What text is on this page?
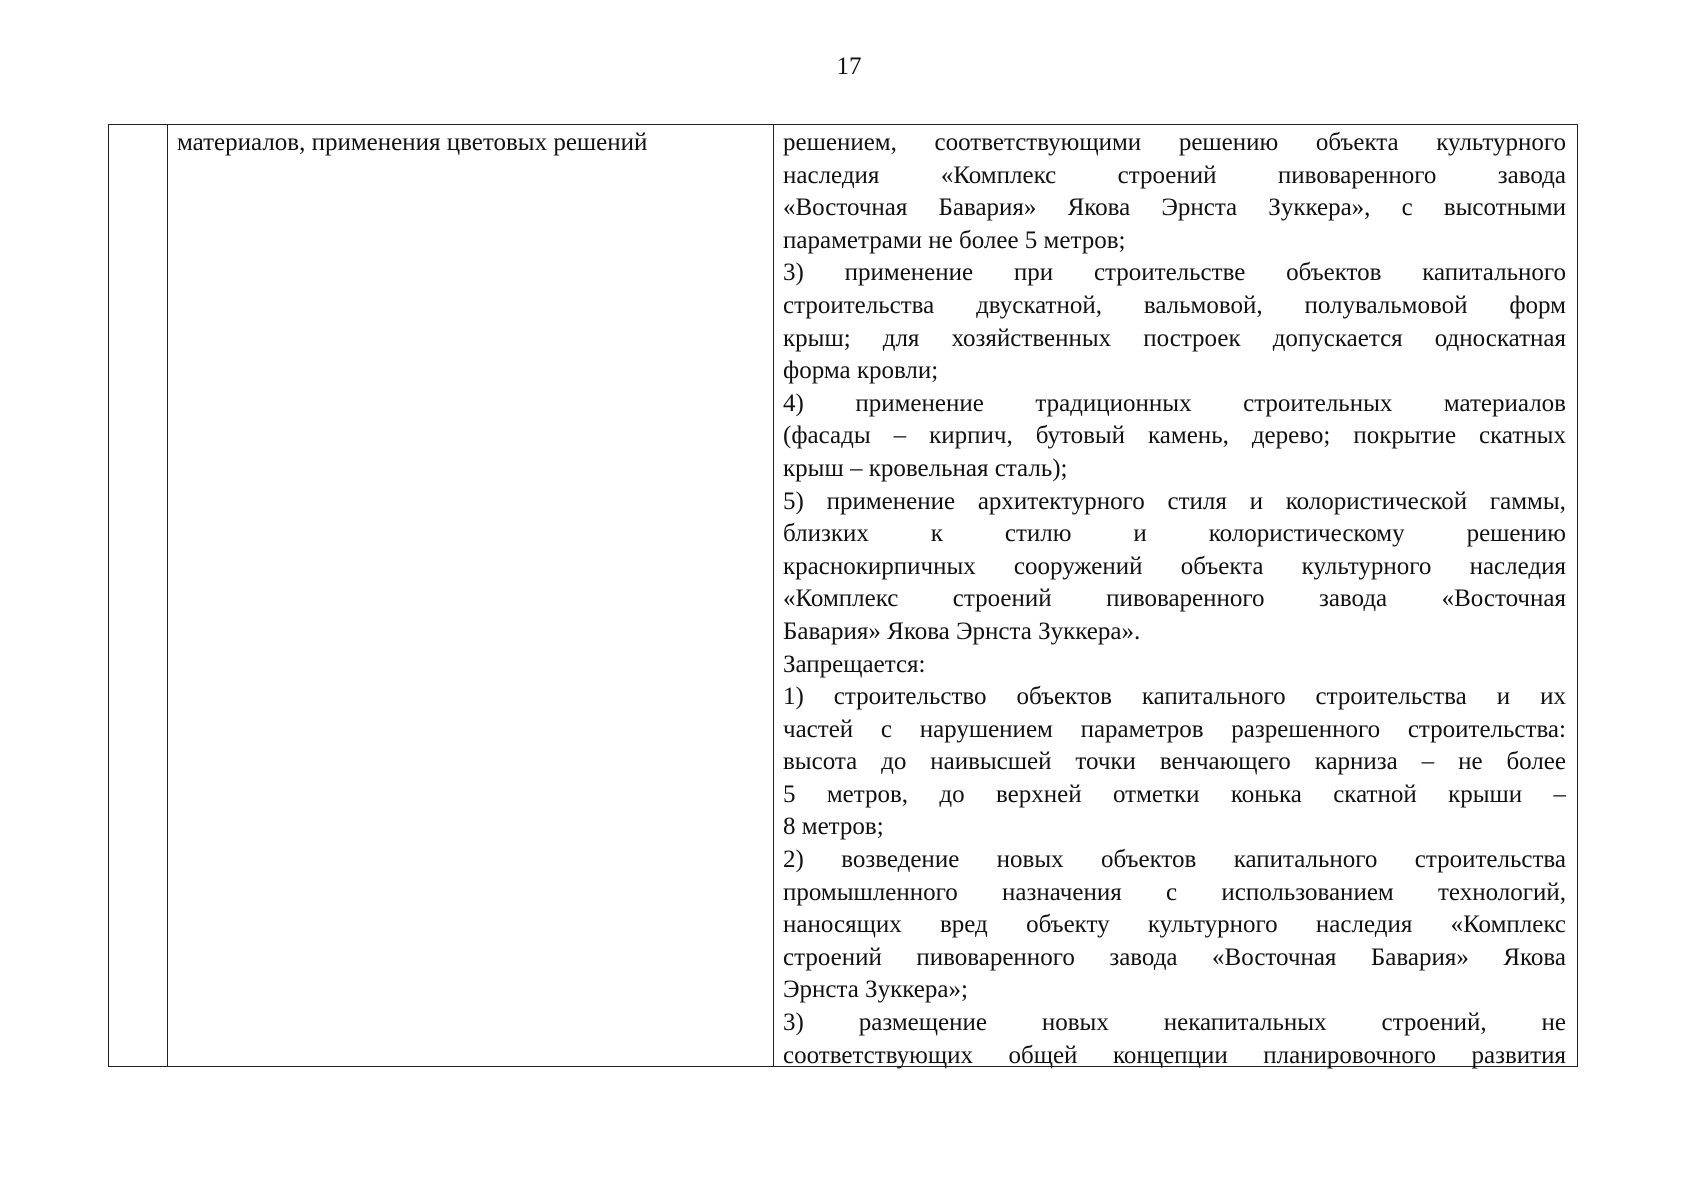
17
материалов, применения цветовых решений	решением, соответствующими решению объекта культурного
наследия «Комплекс строений пивоваренного завода
«Восточная Бавария» Якова Эрнста Зуккера», с высотными
параметрами не более 5 метров;
3) применение при строительстве объектов капитального
строительства двускатной, вальмовой, полувальмовой форм
крыш; для хозяйственных построек допускается односкатная
форма кровли;
4) применение традиционных строительных материалов
(фасады – кирпич, бутовый камень, дерево; покрытие скатных
крыш – кровельная сталь);
5) применение архитектурного стиля и колористической гаммы,
близких к стилю и колористическому решению
краснокирпичных сооружений объекта культурного наследия
«Комплекс строений пивоваренного завода «Восточная
Бавария» Якова Эрнста Зуккера».
Запрещается:
1) строительство объектов капитального строительства и их
частей с нарушением параметров разрешенного строительства:
высота до наивысшей точки венчающего карниза – не более
5 метров, до верхней отметки конька скатной крыши –
8 метров;
2) возведение новых объектов капитального строительства
промышленного назначения с использованием технологий,
наносящих вред объекту культурного наследия «Комплекс
строений пивоваренного завода «Восточная Бавария» Якова
Эрнста Зуккера»;
3) размещение новых некапитальных строений, не
соответствующих общей концепции планировочного развития
